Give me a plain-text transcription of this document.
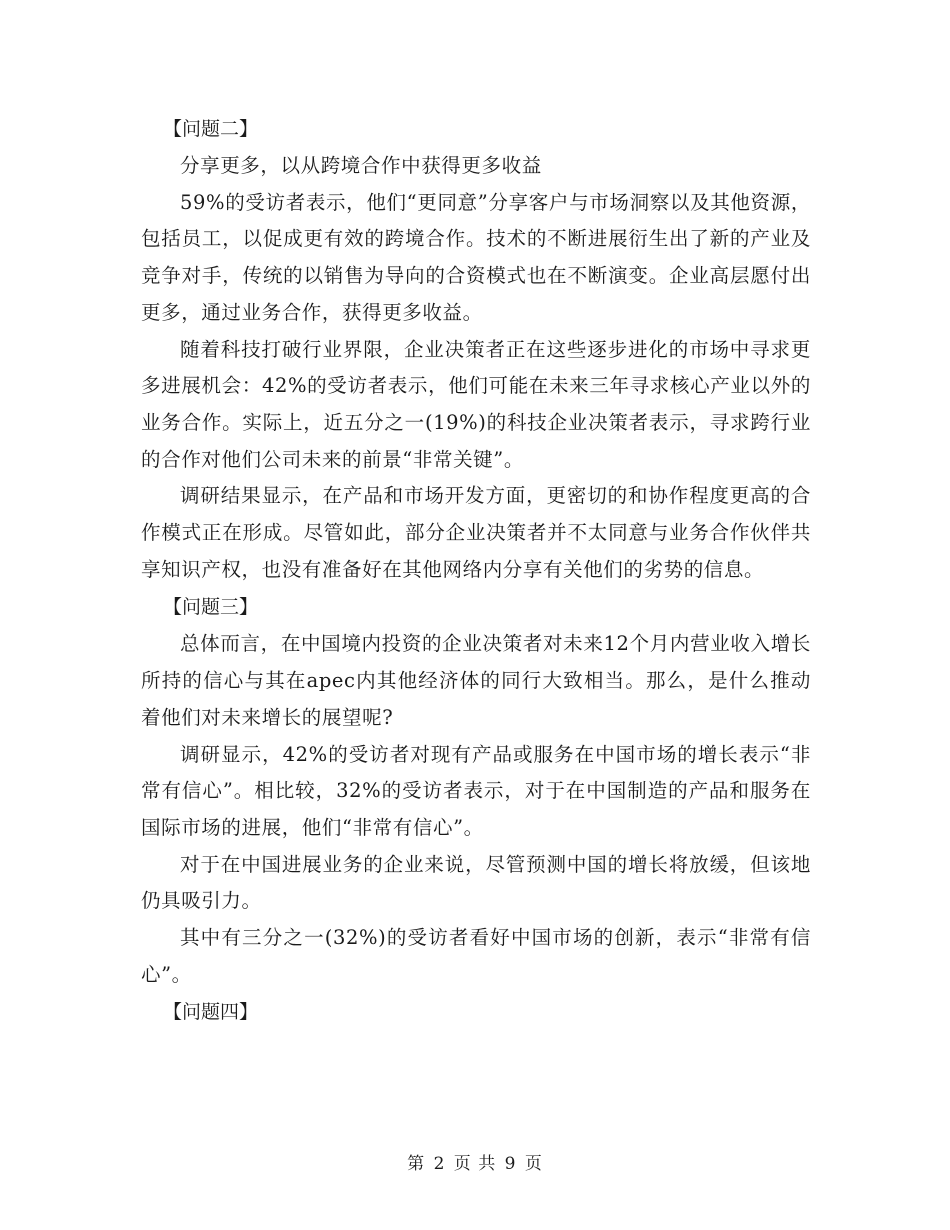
【问题二】

分享更多，以从跨境合作中获得更多收益

59%的受访者表示，他们“更同意”分享客户与市场洞察以及其他资源，包括员工，以促成更有效的跨境合作。技术的不断进展衍生出了新的产业及竞争对手，传统的以销售为导向的合资模式也在不断演变。企业高层愿付出更多，通过业务合作，获得更多收益。

随着科技打破行业界限，企业决策者正在这些逐步进化的市场中寻求更多进展机会：42%的受访者表示，他们可能在未来三年寻求核心产业以外的业务合作。实际上，近五分之一(19%)的科技企业决策者表示，寻求跨行业的合作对他们公司未来的前景“非常关键”。

调研结果显示，在产品和市场开发方面，更密切的和协作程度更高的合作模式正在形成。尽管如此，部分企业决策者并不太同意与业务合作伙伴共享知识产权，也没有准备好在其他网络内分享有关他们的劣势的信息。

【问题三】

总体而言，在中国境内投资的企业决策者对未来12个月内营业收入增长所持的信心与其在apec内其他经济体的同行大致相当。那么，是什么推动着他们对未来增长的展望呢?

调研显示，42%的受访者对现有产品或服务在中国市场的增长表示“非常有信心”。相比较，32%的受访者表示，对于在中国制造的产品和服务在国际市场的进展，他们“非常有信心”。

对于在中国进展业务的企业来说，尽管预测中国的增长将放缓，但该地仍具吸引力。

其中有三分之一(32%)的受访者看好中国市场的创新，表示“非常有信心”。

【问题四】
第 2 页 共 9 页
